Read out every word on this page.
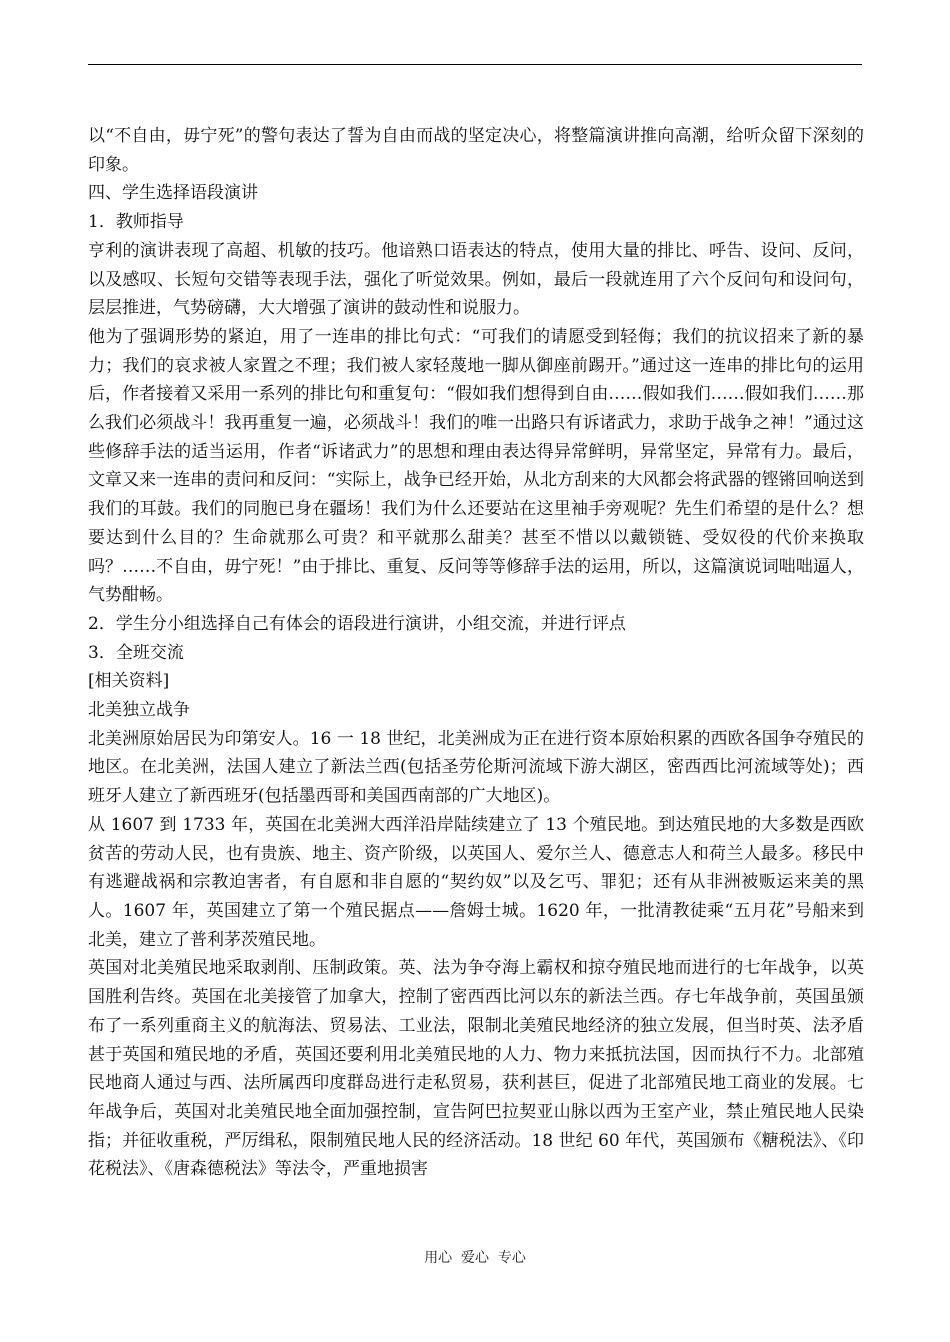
以“不自由，毋宁死”的警句表达了誓为自由而战的坚定决心，将整篇演讲推向高潮，给听众留下深刻的印象。

四、学生选择语段演讲

1．教师指导

亨利的演讲表现了高超、机敏的技巧。他谙熟口语表达的特点，使用大量的排比、呼告、设问、反问，以及感叹、长短句交错等表现手法，强化了听觉效果。例如，最后一段就连用了六个反问句和设问句，层层推进，气势磅礴，大大增强了演讲的鼓动性和说服力。

他为了强调形势的紧迫，用了一连串的排比句式：“可我们的请愿受到轻侮；我们的抗议招来了新的暴力；我们的哀求被人家置之不理；我们被人家轻蔑地一脚从御座前踢开。”通过这一连串的排比句的运用后，作者接着又采用一系列的排比句和重复句：“假如我们想得到自由……假如我们……假如我们……那么我们必须战斗！我再重复一遍，必须战斗！我们的唯一出路只有诉诸武力，求助于战争之神！”通过这些修辞手法的适当运用，作者“诉诸武力”的思想和理由表达得异常鲜明，异常坚定，异常有力。最后，文章又来一连串的责问和反问：“实际上，战争已经开始，从北方刮来的大风都会将武器的铿锵回响送到我们的耳鼓。我们的同胞已身在疆场！我们为什么还要站在这里袖手旁观呢？先生们希望的是什么？想要达到什么目的？生命就那么可贵？和平就那么甜美？甚至不惜以以戴锁链、受奴役的代价来换取吗？……不自由，毋宁死！”由于排比、重复、反问等等修辞手法的运用，所以，这篇演说词咄咄逼人，气势酣畅。

2．学生分小组选择自己有体会的语段进行演讲，小组交流，并进行评点

3．全班交流

[相关资料]

北美独立战争

北美洲原始居民为印第安人。16 一 18 世纪，北美洲成为正在进行资本原始积累的西欧各国争夺殖民的地区。在北美洲，法国人建立了新法兰西(包括圣劳伦斯河流域下游大湖区，密西西比河流域等处)；西班牙人建立了新西班牙(包括墨西哥和美国西南部的广大地区)。

从 1607 到 1733 年，英国在北美洲大西洋沿岸陆续建立了 13 个殖民地。到达殖民地的大多数是西欧贫苦的劳动人民，也有贵族、地主、资产阶级，以英国人、爱尔兰人、德意志人和荷兰人最多。移民中有逃避战祸和宗教迫害者，有自愿和非自愿的“契约奴”以及乞丐、罪犯；还有从非洲被贩运来美的黑人。1607 年，英国建立了第一个殖民据点——詹姆士城。1620 年，一批清教徒乘“五月花”号船来到北美，建立了普利茅茨殖民地。

英国对北美殖民地采取剥削、压制政策。英、法为争夺海上霸权和掠夺殖民地而进行的七年战争，以英国胜利告终。英国在北美接管了加拿大，控制了密西西比河以东的新法兰西。存七年战争前，英国虽颁布了一系列重商主义的航海法、贸易法、工业法，限制北美殖民地经济的独立发展，但当时英、法矛盾甚于英国和殖民地的矛盾，英国还要利用北美殖民地的人力、物力来抵抗法国，因而执行不力。北部殖民地商人通过与西、法所属西印度群岛进行走私贸易，获利甚巨，促进了北部殖民地工商业的发展。七年战争后，英国对北美殖民地全面加强控制，宣告阿巴拉契亚山脉以西为王室产业，禁止殖民地人民染指；并征收重税，严厉缉私，限制殖民地人民的经济活动。18 世纪 60 年代，英国颁布《糖税法》、《印花税法》、《唐森德税法》等法令，严重地损害

用心  爱心  专心
